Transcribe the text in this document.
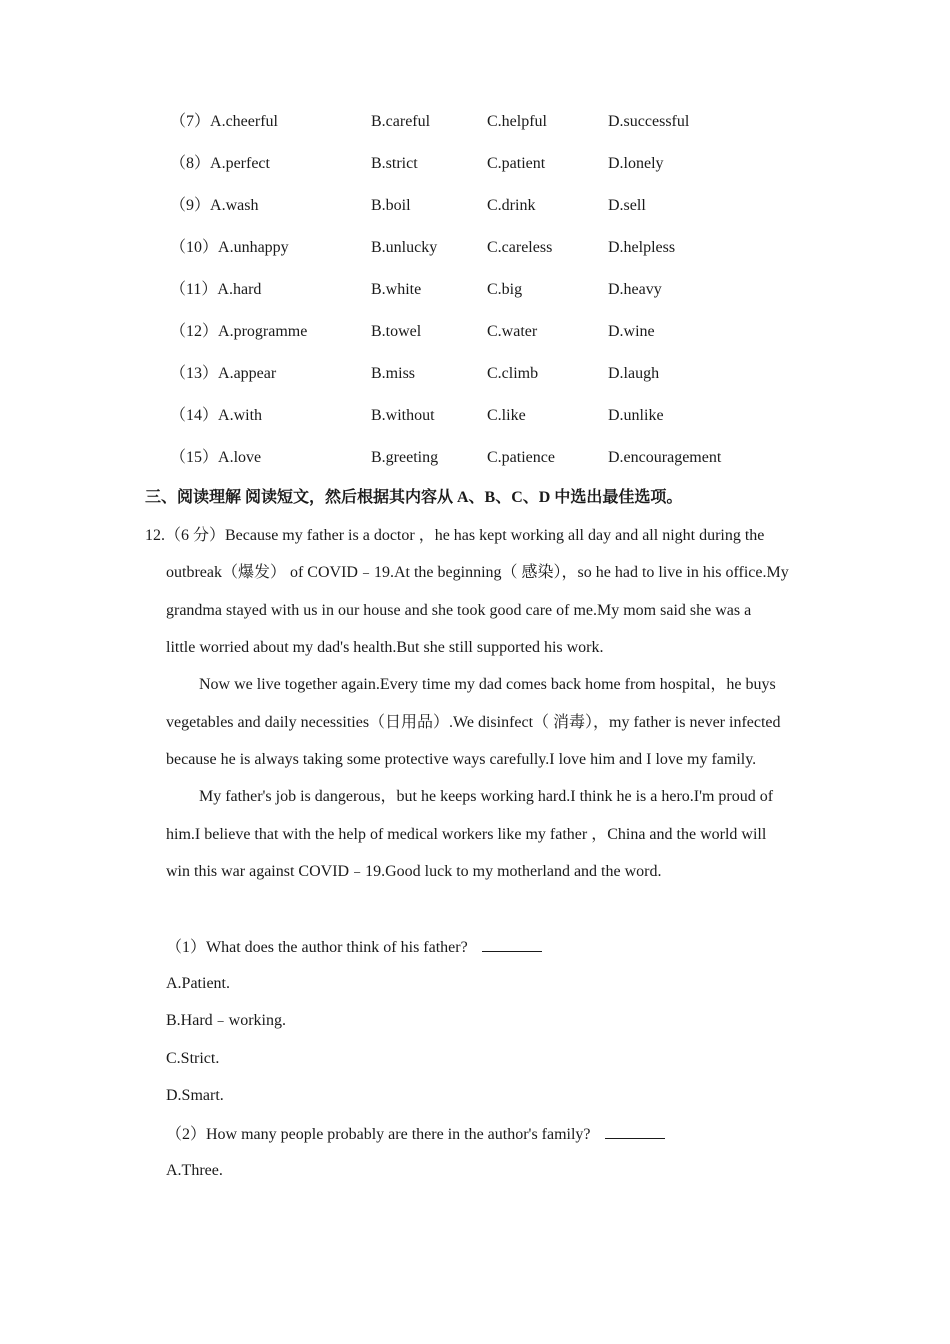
（7）A.cheerful	B.careful	C.helpful	D.successful
（8）A.perfect	B.strict	C.patient	D.lonely
（9）A.wash	B.boil	C.drink	D.sell
（10）A.unhappy	B.unlucky	C.careless	D.helpless
（11）A.hard	B.white	C.big	D.heavy
（12）A.programme	B.towel	C.water	D.wine
（13）A.appear	B.miss	C.climb	D.laugh
（14）A.with	B.without	C.like	D.unlike
（15）A.love	B.greeting	C.patience	D.encouragement
三、阅读理解 阅读短文，然后根据其内容从 A、B、C、D 中选出最佳选项。
12.（6 分）Because my father is a doctor ，he has kept working all day and all night during the
outbreak（爆发） of COVID﹣19.At the beginning（ 感染），so he had to live in his office.My
grandma stayed with us in our house and she took good care of me.My mom said she was a
little worried about my dad's health.But she still supported his work.
Now we live together again.Every time my dad comes back home from hospital，he buys
vegetables and daily necessities（日用品）.We disinfect（ 消毒），my father is never infected
because he is always taking some protective ways carefully.I love him and I love my family.
My father's job is dangerous，but he keeps working hard.I think he is a hero.I'm proud of
him.I believe that with the help of medical workers like my father ，China and the world will
win this war against COVID﹣19.Good luck to my motherland and the word.
（1）What does the author think of his father?
A.Patient.
B.Hard﹣working.
C.Strict.
D.Smart.
（2）How many people probably are there in the author's family?
A.Three.
